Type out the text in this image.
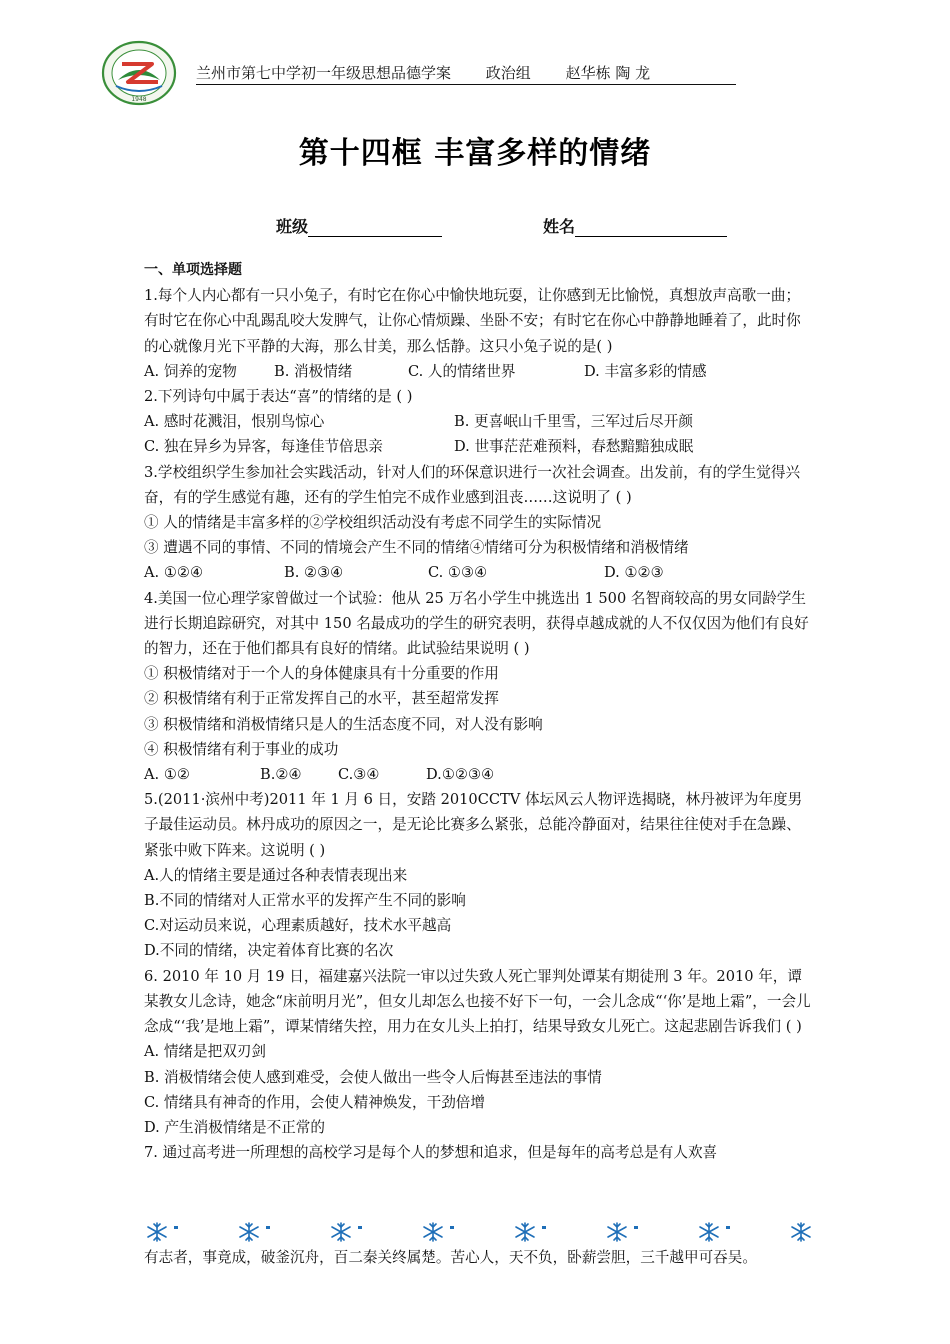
1948
兰州市第七中学初一年级思想品德学案 政治组 赵华栋 陶 龙
第十四框 丰富多样的情绪
班级	姓名

一、单项选择题

1.每个人内心都有一只小兔子，有时它在你心中愉快地玩耍，让你感到无比愉悦，真想放声高歌一曲；有时它在你心中乱踢乱咬大发脾气，让你心情烦躁、坐卧不安；有时它在你心中静静地睡着了，此时你的心就像月光下平静的大海，那么甘美，那么恬静。这只小兔子说的是( )

A. 饲养的宠物	B. 消极情绪	C. 人的情绪世界	D. 丰富多彩的情感

2.下列诗句中属于表达“喜”的情绪的是 ( )

A. 感时花溅泪，恨别鸟惊心	B. 更喜岷山千里雪，三军过后尽开颜
C. 独在异乡为异客，每逢佳节倍思亲	D. 世事茫茫难预料，春愁黯黯独成眠

3.学校组织学生参加社会实践活动，针对人们的环保意识进行一次社会调查。出发前，有的学生觉得兴奋，有的学生感觉有趣，还有的学生怕完不成作业感到沮丧……这说明了 ( )

① 人的情绪是丰富多样的②学校组织活动没有考虑不同学生的实际情况

③ 遭遇不同的事情、不同的情境会产生不同的情绪④情绪可分为积极情绪和消极情绪

A. ①②④	B. ②③④	C. ①③④	D. ①②③

4.美国一位心理学家曾做过一个试验：他从 25 万名小学生中挑选出 1 500 名智商较高的男女同龄学生进行长期追踪研究，对其中 150 名最成功的学生的研究表明，获得卓越成就的人不仅仅因为他们有良好的智力，还在于他们都具有良好的情绪。此试验结果说明 ( )

① 积极情绪对于一个人的身体健康具有十分重要的作用

② 积极情绪有利于正常发挥自己的水平，甚至超常发挥

③ 积极情绪和消极情绪只是人的生活态度不同，对人没有影响

④ 积极情绪有利于事业的成功

A. ①②	B.②④	C.③④	D.①②③④

5.(2011·滨州中考)2011 年 1 月 6 日，安踏 2010CCTV 体坛风云人物评选揭晓，林丹被评为年度男子最佳运动员。林丹成功的原因之一，是无论比赛多么紧张，总能冷静面对，结果往往使对手在急躁、紧张中败下阵来。这说明 ( )

A.人的情绪主要是通过各种表情表现出来

B.不同的情绪对人正常水平的发挥产生不同的影响

C.对运动员来说，心理素质越好，技术水平越高

D.不同的情绪，决定着体育比赛的名次

6. 2010 年 10 月 19 日，福建嘉兴法院一审以过失致人死亡罪判处谭某有期徒刑 3 年。2010 年，谭某教女儿念诗，她念“床前明月光”，但女儿却怎么也接不好下一句，一会儿念成“‘你’是地上霜”，一会儿念成“‘我’是地上霜”，谭某情绪失控，用力在女儿头上拍打，结果导致女儿死亡。这起悲剧告诉我们 ( )

A. 情绪是把双刃剑

B. 消极情绪会使人感到难受，会使人做出一些令人后悔甚至违法的事情

C. 情绪具有神奇的作用，会使人精神焕发，干劲倍增

D. 产生消极情绪是不正常的

7. 通过高考进一所理想的高校学习是每个人的梦想和追求，但是每年的高考总是有人欢喜

有志者，事竟成，破釜沉舟，百二秦关终属楚。苦心人，天不负，卧薪尝胆，三千越甲可吞吴。
